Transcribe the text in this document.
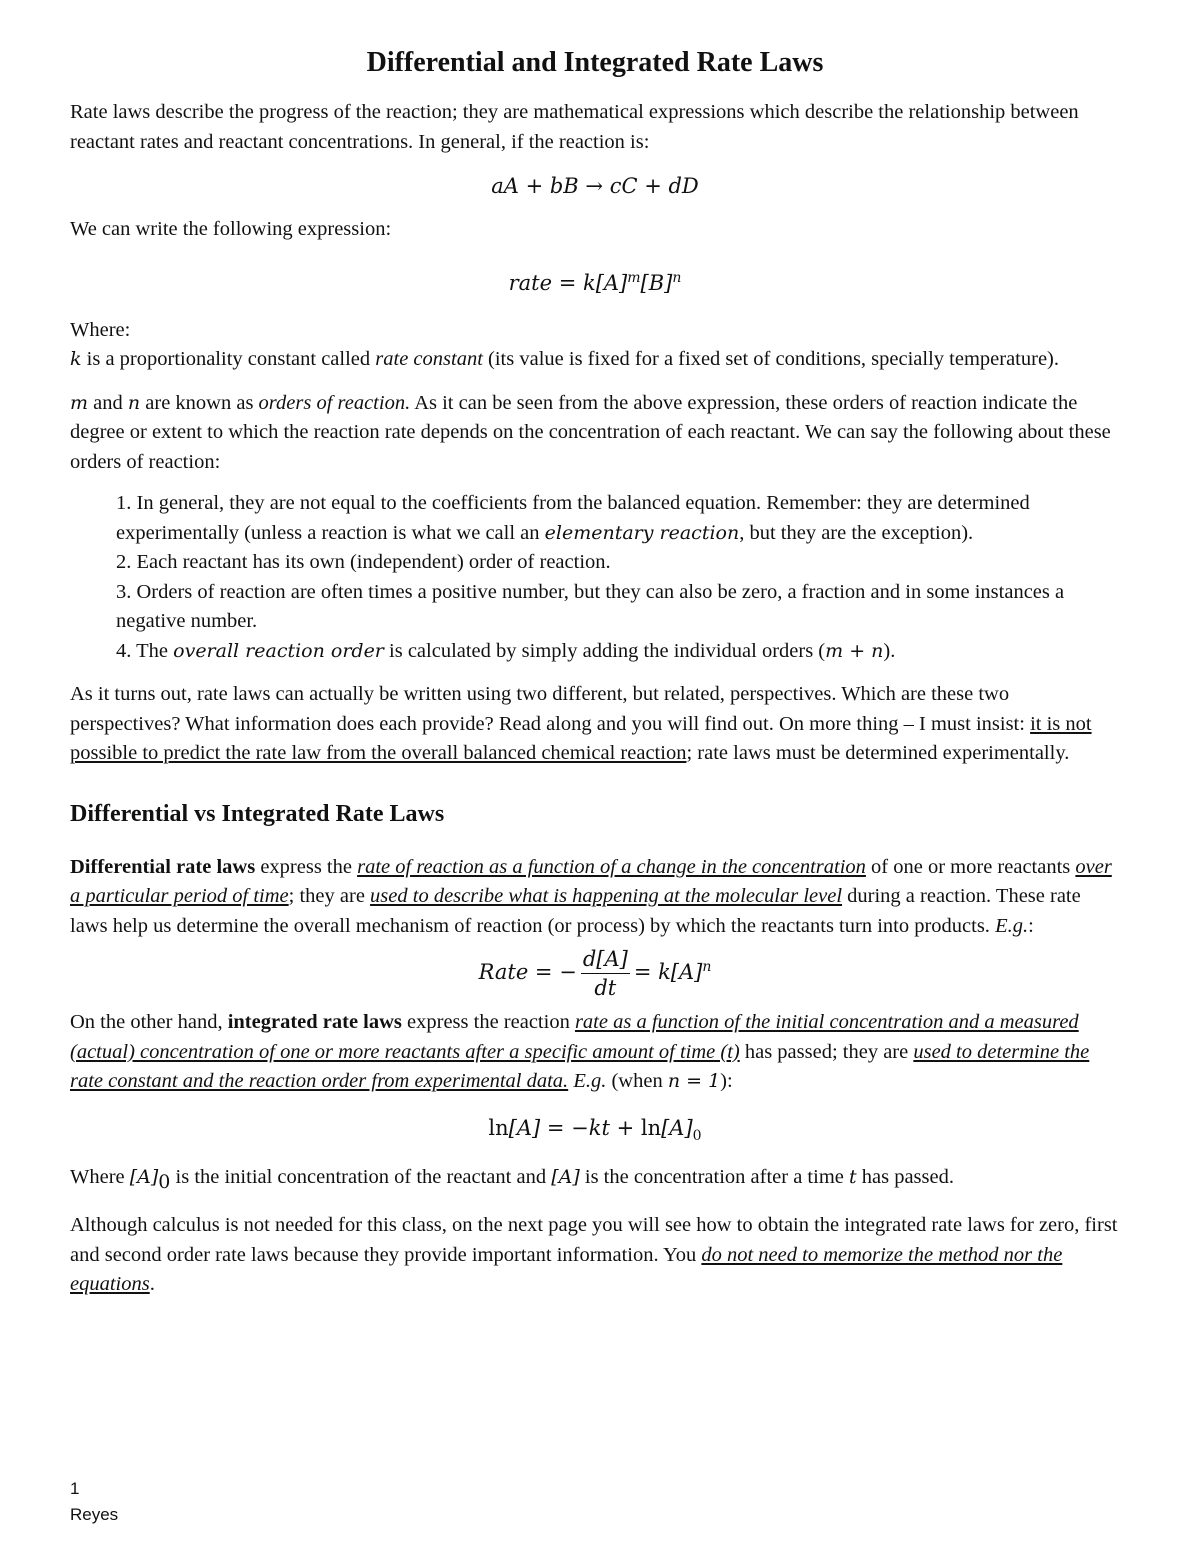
Differential and Integrated Rate Laws

Rate laws describe the progress of the reaction; they are mathematical expressions which describe the relationship between reactant rates and reactant concentrations. In general, if the reaction is:

aA + bB → cC + dD

We can write the following expression:

rate = $k[A]^m[B]^n$

Where:

k is a proportionality constant called rate constant (its value is fixed for a fixed set of conditions, specially temperature).

m and n are known as orders of reaction. As it can be seen from the above expression, these orders of reaction indicate the degree or extent to which the reaction rate depends on the concentration of each reactant. We can say the following about these orders of reaction:

1. In general, they are not equal to the coefficients from the balanced equation. Remember: they are determined experimentally (unless a reaction is what we call an elementary reaction, but they are the exception).

2. Each reactant has its own (independent) order of reaction.

3. Orders of reaction are often times a positive number, but they can also be zero, a fraction and in some instances a negative number.

4. The overall reaction order is calculated by simply adding the individual orders (m + n).

As it turns out, rate laws can actually be written using two different, but related, perspectives. Which are these two perspectives? What information does each provide? Read along and you will find out. On more thing – I must insist: it is not possible to predict the rate law from the overall balanced chemical reaction; rate laws must be determined experimentally.

Differential vs Integrated Rate Laws

Differential rate laws express the rate of reaction as a function of a change in the concentration of one or more reactants over a particular period of time; they are used to describe what is happening at the molecular level during a reaction. These rate laws help us determine the overall mechanism of reaction (or process) by which the reactants turn into products. E.g.:

Rate = − $\frac{d[A]}{dt} = k[A]^n$

On the other hand, integrated rate laws express the reaction rate as a function of the initial concentration and a measured (actual) concentration of one or more reactants after a specific amount of time (t) has passed; they are used to determine the rate constant and the reaction order from experimental data. E.g. (when n = 1):

$\ln[A] = -kt + \ln[A]_0$

Where $[A]_0$ is the initial concentration of the reactant and [A] is the concentration after a time t has passed.

Although calculus is not needed for this class, on the next page you will see how to obtain the integrated rate laws for zero, first and second order rate laws because they provide important information. You do not need to memorize the method nor the equations.

1
Reyes
